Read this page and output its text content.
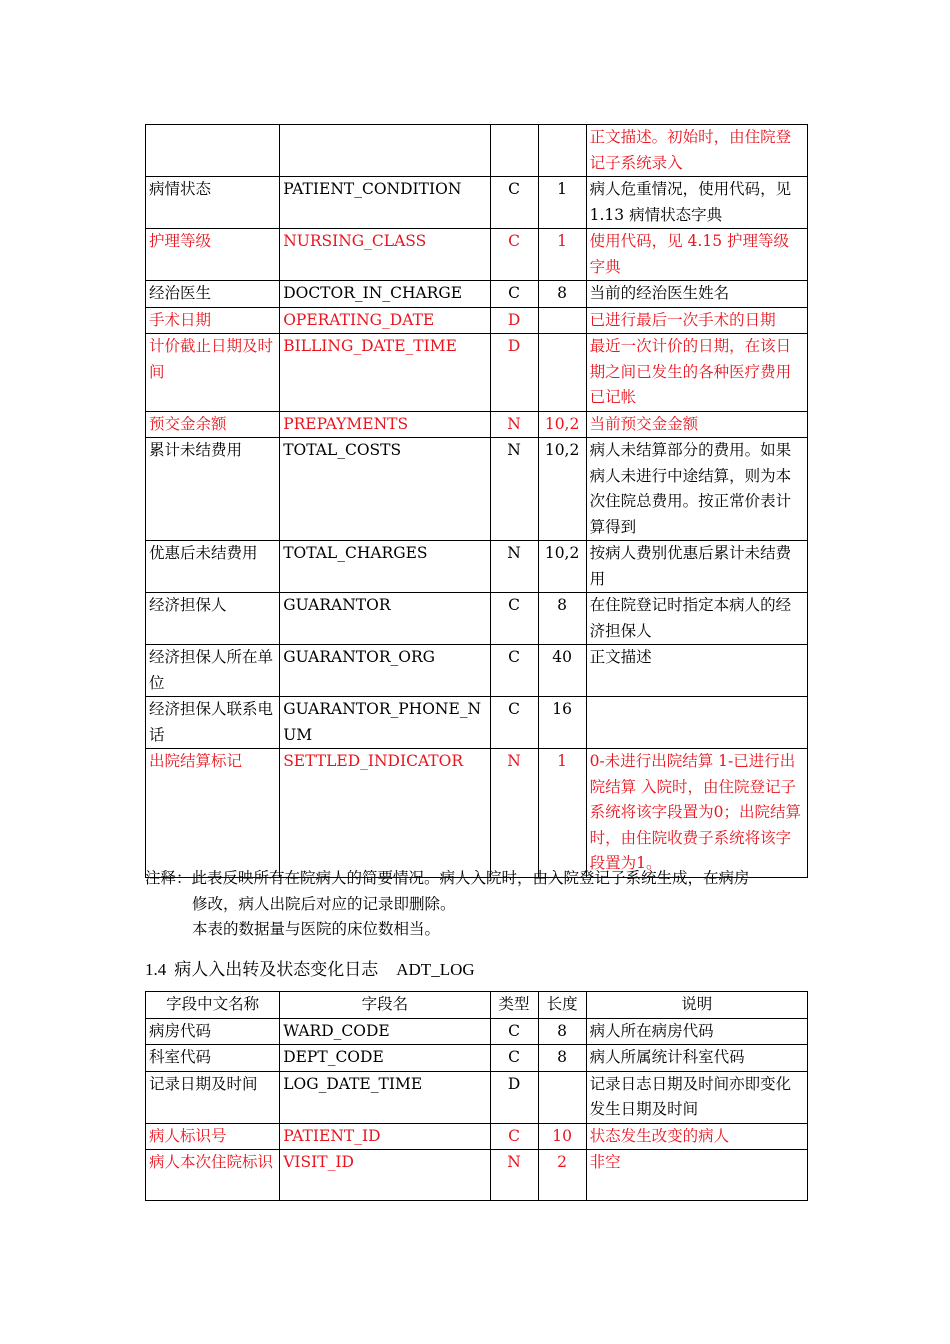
				正文描述。初始时，由住院登记子系统录入
病情状态	PATIENT_CONDITION	C	1	病人危重情况，使用代码，见 1.13 病情状态字典
护理等级	NURSING_CLASS	C	1	使用代码，见 4.15 护理等级字典
经治医生	DOCTOR_IN_CHARGE	C	8	当前的经治医生姓名
手术日期	OPERATING_DATE	D		已进行最后一次手术的日期
计价截止日期及时间	BILLING_DATE_TIME	D		最近一次计价的日期，在该日期之间已发生的各种医疗费用已记帐
预交金余额	PREPAYMENTS	N	10,2	当前预交金金额
累计未结费用	TOTAL_COSTS	N	10,2	病人未结算部分的费用。如果病人未进行中途结算，则为本次住院总费用。按正常价表计算得到
优惠后未结费用	TOTAL_CHARGES	N	10,2	按病人费别优惠后累计未结费用
经济担保人	GUARANTOR	C	8	在住院登记时指定本病人的经济担保人
经济担保人所在单位	GUARANTOR_ORG	C	40	正文描述
经济担保人联系电话	GUARANTOR_PHONE_NUM	C	16	
出院结算标记	SETTLED_INDICATOR	N	1	0-未进行出院结算 1-已进行出院结算 入院时，由住院登记子系统将该字段置为0；出院结算时，由住院收费子系统将该字段置为1。
注释：此表反映所有在院病人的简要情况。病人入院时，由入院登记子系统生成，在病房
修改，病人出院后对应的记录即删除。
本表的数据量与医院的床位数相当。
1.4 病人入出转及状态变化日志 ADT_LOG
字段中文名称	字段名	类型	长度	说明
病房代码	WARD_CODE	C	8	病人所在病房代码
科室代码	DEPT_CODE	C	8	病人所属统计科室代码
记录日期及时间	LOG_DATE_TIME	D		记录日志日期及时间亦即变化发生日期及时间
病人标识号	PATIENT_ID	C	10	状态发生改变的病人
病人本次住院标识	VISIT_ID	N	2	非空
